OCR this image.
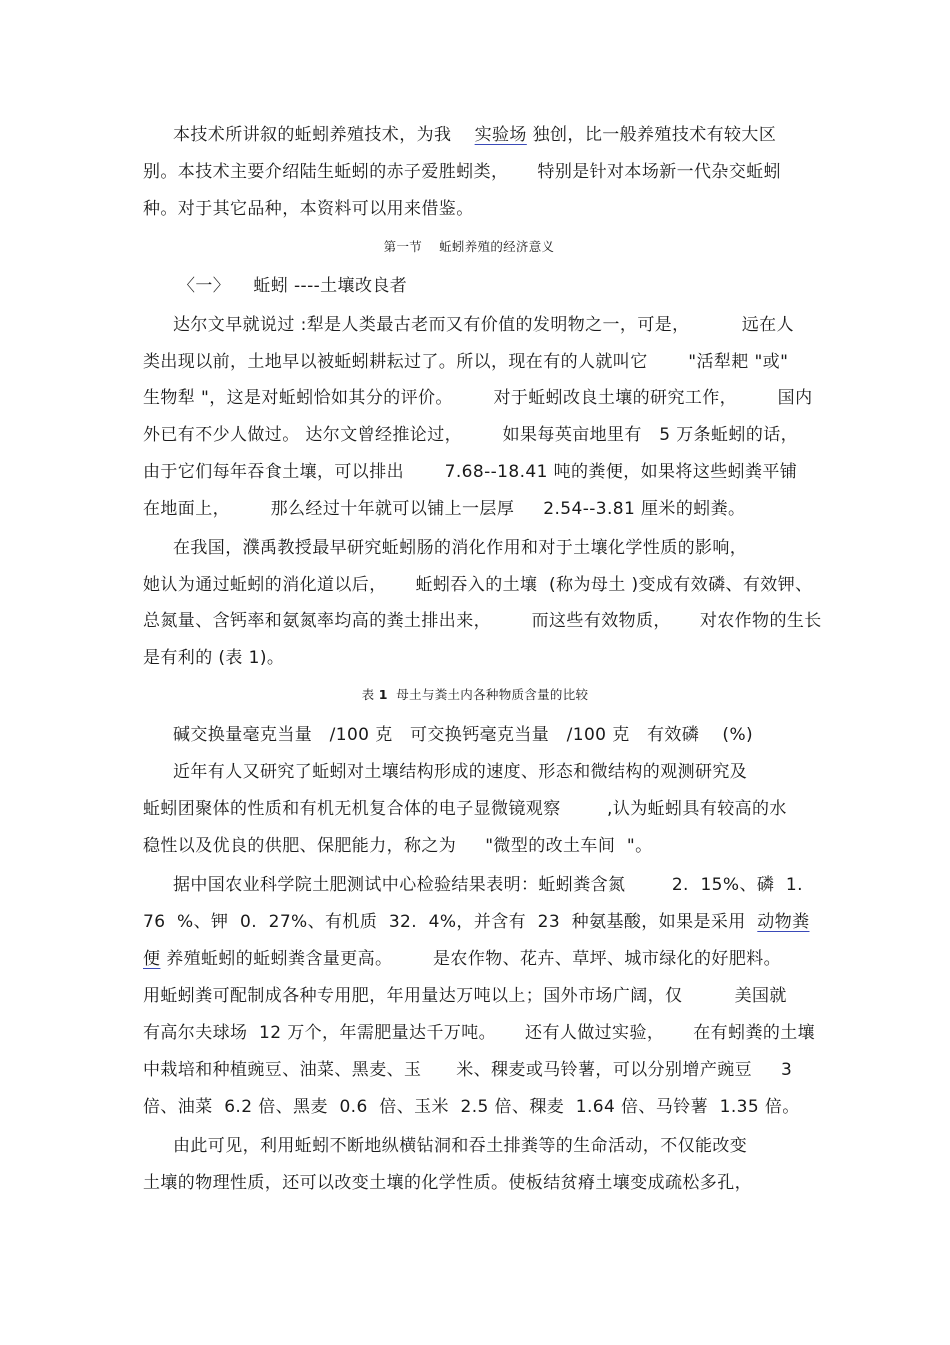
本技术所讲叙的蚯蚓养殖技术，为我    实验场 独创，比一般养殖技术有较大区
别。本技术主要介绍陆生蚯蚓的赤子爱胜蚓类，     特别是针对本场新一代杂交蚯蚓
种。对于其它品种，本资料可以用来借鉴。
第一节    蚯蚓养殖的经济意义
〈一〉    蚯蚓 ----土壤改良者
达尔文早就说过 :犁是人类最古老而又有价值的发明物之一，可是，         远在人
类出现以前，土地早以被蚯蚓耕耘过了。所以，现在有的人就叫它       "活犁耙 "或"
生物犁 "，这是对蚯蚓恰如其分的评价。       对于蚯蚓改良土壤的研究工作，       国内
外已有不少人做过。 达尔文曾经推论过，       如果每英亩地里有   5 万条蚯蚓的话，
由于它们每年吞食土壤，可以排出       7.68--18.41 吨的粪便，如果将这些蚓粪平铺
在地面上，       那么经过十年就可以铺上一层厚     2.54--3.81 厘米的蚓粪。
在我国，濮禹教授最早研究蚯蚓肠的消化作用和对于土壤化学性质的影响，
她认为通过蚯蚓的消化道以后，     蚯蚓吞入的土壤  (称为母土 )变成有效磷、有效钾、
总氮量、含钙率和氨氮率均高的粪土排出来，       而这些有效物质，     对农作物的生长
是有利的 (表 1)。
表 1  母土与粪土内各种物质含量的比较
碱交换量毫克当量   /100 克   可交换钙毫克当量   /100 克   有效磷    (%)
近年有人又研究了蚯蚓对土壤结构形成的速度、形态和微结构的观测研究及
蚯蚓团聚体的性质和有机无机复合体的电子显微镜观察        ,认为蚯蚓具有较高的水
稳性以及优良的供肥、保肥能力，称之为     "微型的改土车间  "。
据中国农业科学院土肥测试中心检验结果表明：蚯蚓粪含氮        2.  15%、磷  1.
76  %、钾  0.  27%、有机质  32.  4%，并含有  23  种氨基酸，如果是采用  动物粪
便 养殖蚯蚓的蚯蚓粪含量更高。       是农作物、花卉、草坪、城市绿化的好肥料。
用蚯蚓粪可配制成各种专用肥，年用量达万吨以上；国外市场广阔，仅         美国就
有高尔夫球场  12 万个，年需肥量达千万吨。     还有人做过实验，     在有蚓粪的土壤
中栽培和种植豌豆、油菜、黑麦、玉      米、稞麦或马铃薯，可以分别增产豌豆     3
倍、油菜  6.2 倍、黑麦  0.6  倍、玉米  2.5 倍、稞麦  1.64 倍、马铃薯  1.35 倍。
由此可见，利用蚯蚓不断地纵横钻洞和吞土排粪等的生命活动，不仅能改变
土壤的物理性质，还可以改变土壤的化学性质。使板结贫瘠土壤变成疏松多孔，
